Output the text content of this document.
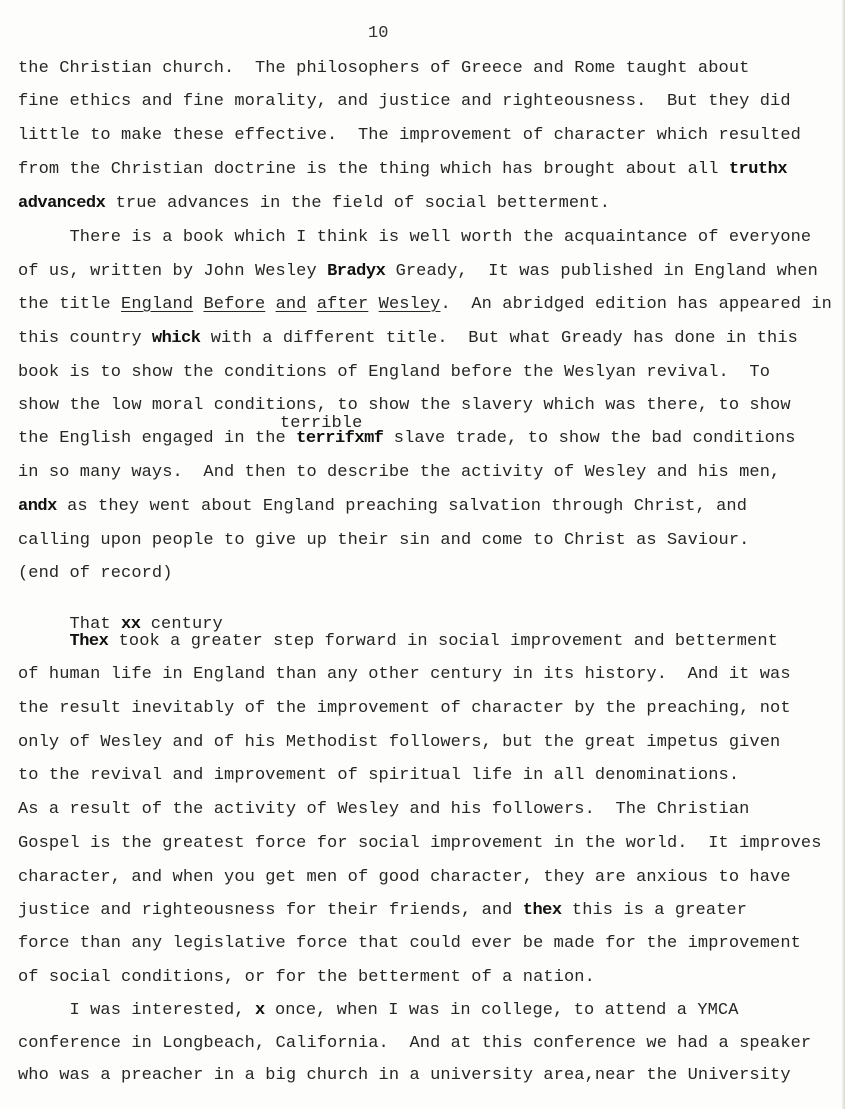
10
terrible
the Christian church.  The philosophers of Greece and Rome taught about
fine ethics and fine morality, and justice and righteousness.  But they did
little to make these effective.  The improvement of character which resulted
from the Christian doctrine is the thing which has brought about all truthx
advancedx true advances in the field of social betterment.
There is a book which I think is well worth the acquaintance of everyone
of us, written by John Wesley Bradyx Gready,  It was published in England when
the title England Before and after Wesley.  An abridged edition has appeared in
this country whick with a different title.  But what Gready has done in this
book is to show the conditions of England before the Weslyan revival.  To
show the low moral conditions, to show the slavery which was there, to show
the English engaged in the terrifxmf slave trade, to show the bad conditions
in so many ways.  And then to describe the activity of Wesley and his men,
andx as they went about England preaching salvation through Christ, and
calling upon people to give up their sin and come to Christ as Saviour.
(end of record)
That xx century
Thex took a greater step forward in social improvement and betterment
of human life in England than any other century in its history.  And it was
the result inevitably of the improvement of character by the preaching, not
only of Wesley and of his Methodist followers, but the great impetus given
to the revival and improvement of spiritual life in all denominations.
As a result of the activity of Wesley and his followers.  The Christian
Gospel is the greatest force for social improvement in the world.  It improves
character, and when you get men of good character, they are anxious to have
justice and righteousness for their friends, and thex this is a greater
force than any legislative force that could ever be made for the improvement
of social conditions, or for the betterment of a nation.
I was interested, x once, when I was in college, to attend a YMCA
conference in Longbeach, California.  And at this conference we had a speaker
who was a preacher in a big church in a university area,near the University
